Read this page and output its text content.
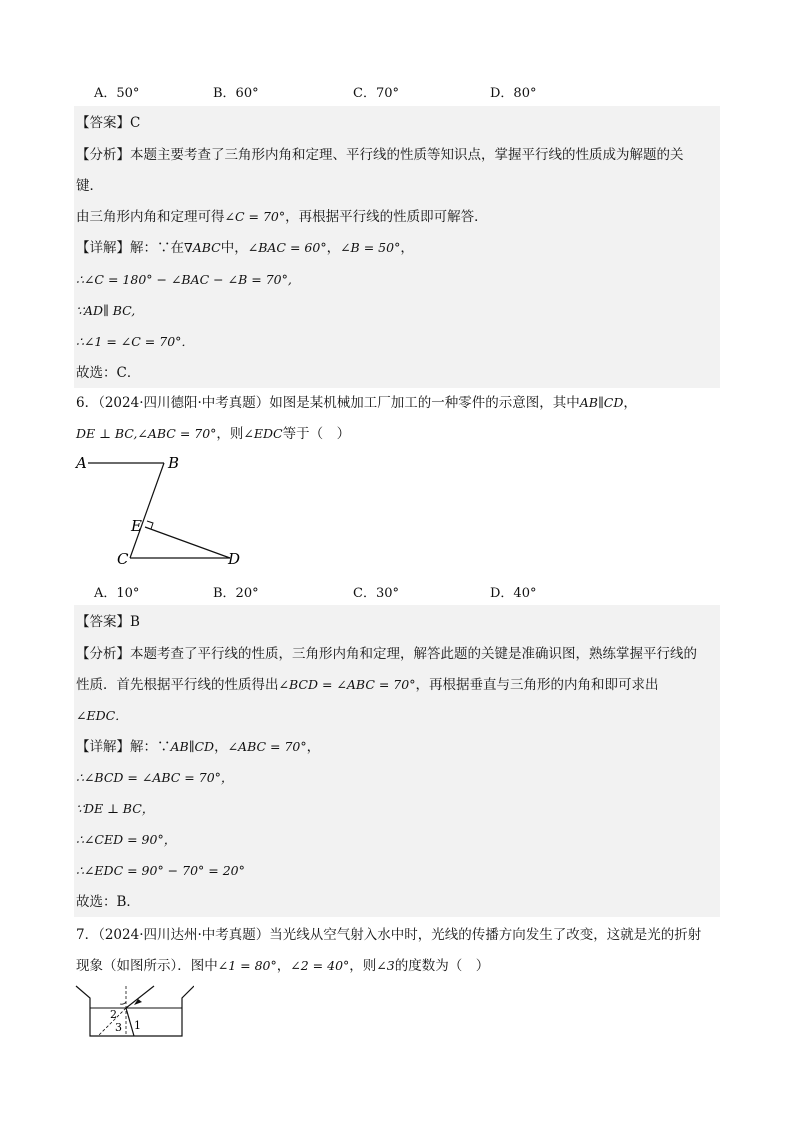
A．50°	B．60°	C．70°	D．80°
【答案】C
【分析】本题主要考查了三角形内角和定理、平行线的性质等知识点，掌握平行线的性质成为解题的关
键．
由三角形内角和定理可得∠C = 70°，再根据平行线的性质即可解答．
【详解】解：∵在∇ABC中，∠BAC = 60°，∠B = 50°，
∴∠C = 180° − ∠BAC − ∠B = 70°,
∵AD∥ BC,
∴∠1 = ∠C = 70°．
故选：C．
6．（2024·四川德阳·中考真题）如图是某机械加工厂加工的一种零件的示意图，其中AB∥CD，
DE ⊥ BC,∠ABC = 70°，则∠EDC等于（　）
A	B
E
C	D
A．10°	B．20°	C．30°	D．40°
【答案】B
【分析】本题考查了平行线的性质，三角形内角和定理，解答此题的关键是准确识图，熟练掌握平行线的
性质．首先根据平行线的性质得出∠BCD = ∠ABC = 70°，再根据垂直与三角形的内角和即可求出
∠EDC．
【详解】解：∵AB∥CD，∠ABC = 70°，
∴∠BCD = ∠ABC = 70°，
∵DE ⊥ BC，
∴∠CED = 90°，
∴∠EDC = 90° − 70° = 20°
故选：B．
7．（2024·四川达州·中考真题）当光线从空气射入水中时，光线的传播方向发生了改变，这就是光的折射
现象（如图所示）．图中∠1 = 80°，∠2 = 40°，则∠3的度数为（　）
2
3 1
